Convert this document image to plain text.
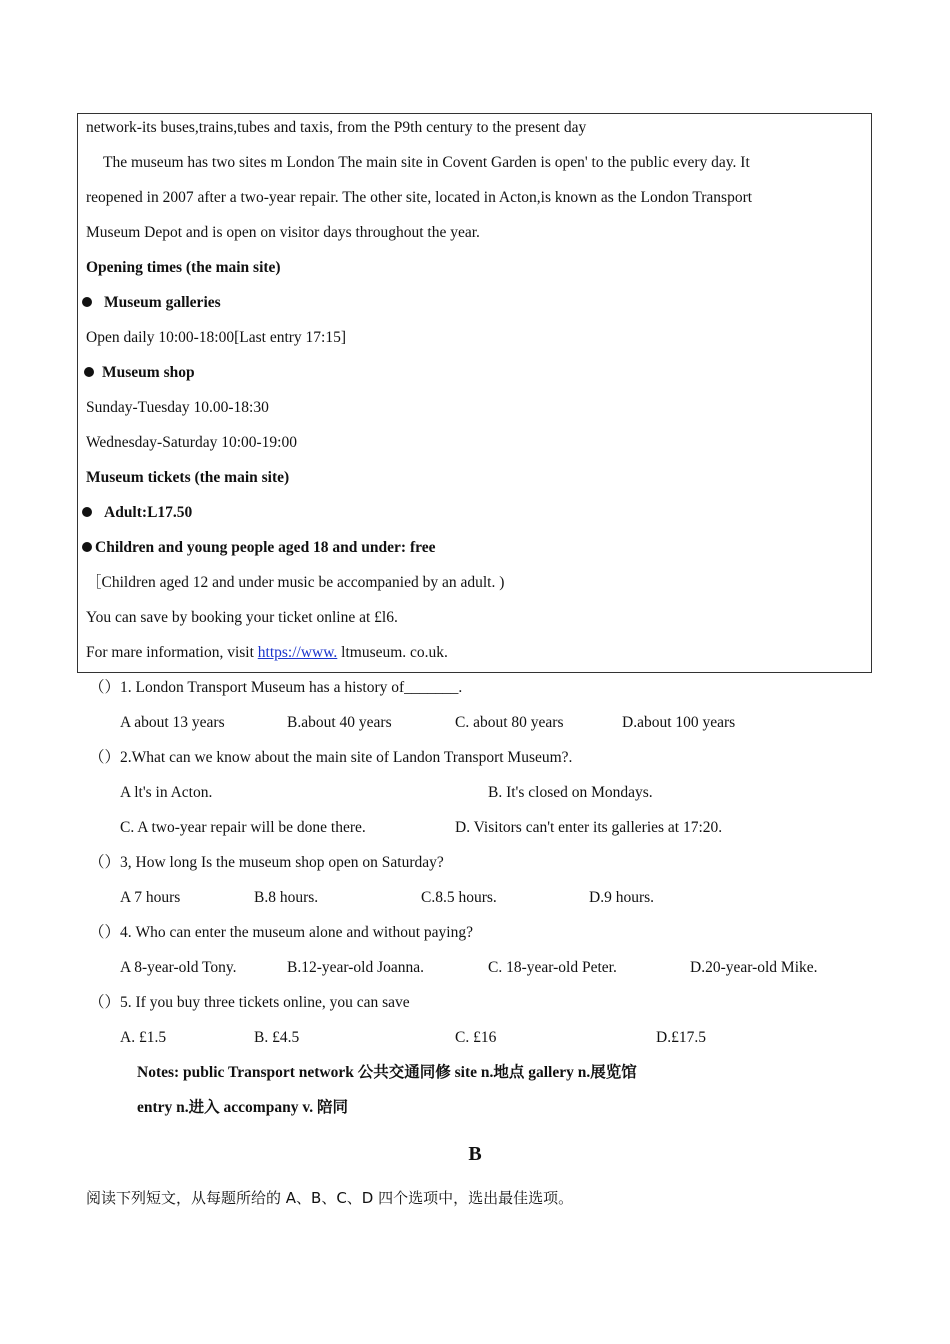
network-its buses,trains,tubes and taxis, from the P9th century to the present day
The museum has two sites m London The main site in Covent Garden is open' to the public every day. It
reopened in 2007 after a two-year repair. The other site, located in Acton,is known as the London Transport
Museum Depot and is open on visitor days throughout the year.
Opening times (the main site)
Museum galleries
Open daily 10:00-18:00[Last entry 17:15]
Museum shop
Sunday-Tuesday 10.00-18:30
Wednesday-Saturday 10:00-19:00
Museum tickets (the main site)
Adult:L17.50
Children and young people aged 18 and under: free
［Children aged 12 and under music be accompanied by an adult. )
You can save by booking your ticket online at £l6.
For mare information, visit https://www. ltmuseum. co.uk.
（）1. London Transport Museum has a history of_______.
A about 13 years	B.about 40 years	C. about 80 years	D.about 100 years
（）2.What can we know about the main site of Landon Transport Museum?.
A lt's in Acton.	B. It's closed on Mondays.
C. A two-year repair will be done there.	D. Visitors can't enter its galleries at 17:20.
（）3, How long Is the museum shop open on Saturday?
A 7 hours	B.8 hours.	C.8.5 hours.	D.9 hours.
（）4. Who can enter the museum alone and without paying?
A 8-year-old Tony.	B.12-year-old Joanna.	C. 18-year-old Peter.	D.20-year-old Mike.
（）5. If you buy three tickets online, you can save
A. £1.5	B. £4.5	C. £16	D.£17.5
Notes: public Transport network 公共交通同修 site n.地点 gallery n.展览馆
entry n.进入 accompany v. 陪同
B
阅读下列短文，从每题所给的 A、B、C、D 四个选项中，选出最佳选项。
